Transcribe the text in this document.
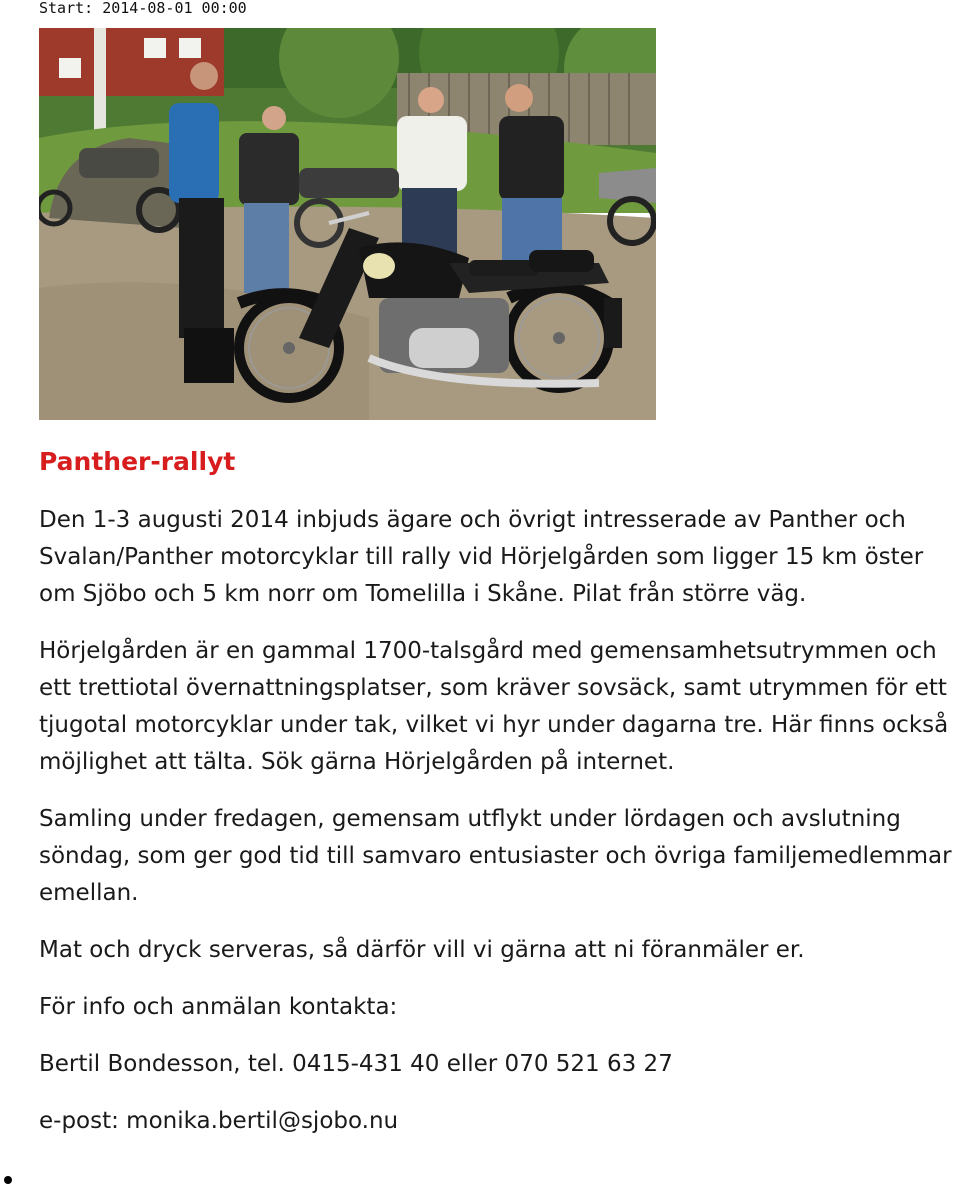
Start: 2014-08-01 00:00
Panther-rallyt

Den 1-3 augusti 2014 inbjuds ägare och övrigt intresserade av Panther och Svalan/Panther motorcyklar till rally vid Hörjelgården som ligger 15 km öster om Sjöbo och 5 km norr om Tomelilla i Skåne. Pilat från större väg.

Hörjelgården är en gammal 1700-talsgård med gemensamhetsutrymmen och ett trettiotal övernattningsplatser, som kräver sovsäck, samt utrymmen för ett tjugotal motorcyklar under tak, vilket vi hyr under dagarna tre. Här finns också möjlighet att tälta. Sök gärna Hörjelgården på internet.

Samling under fredagen, gemensam utflykt under lördagen och avslutning söndag, som ger god tid till samvaro entusiaster och övriga familjemedlemmar emellan.

Mat och dryck serveras, så därför vill vi gärna att ni föranmäler er.

För info och anmälan kontakta:

Bertil Bondesson, tel. 0415-431 40 eller 070 521 63 27

e-post: monika.bertil@sjobo.nu
